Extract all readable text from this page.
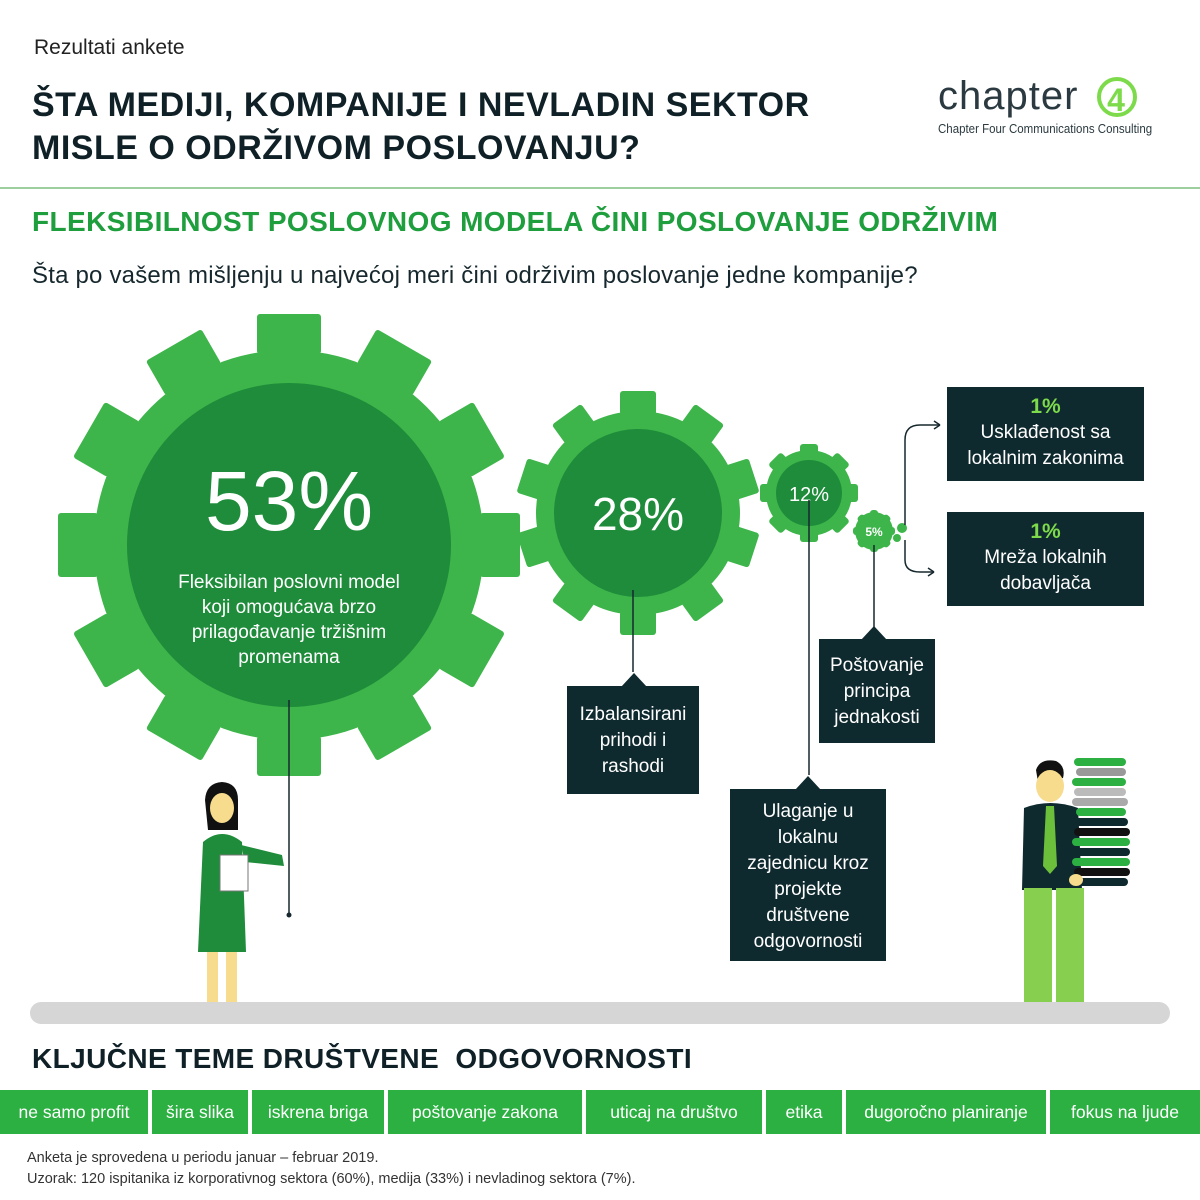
Rezultati ankete
ŠTA MEDIJI, KOMPANIJE I NEVLADIN SEKTOR
MISLE O ODRŽIVOM POSLOVANJU?
chapter 4
Chapter Four Communications Consulting
FLEKSIBILNOST POSLOVNOG MODELA ČINI POSLOVANJE ODRŽIVIM
Šta po vašem mišljenju u najvećoj meri čini održivim poslovanje jedne kompanije?
53%
Fleksibilan poslovni model
koji omogućava brzo
prilagođavanje tržišnim
promenama
28%	12%
5%
Izbalansirani
prihodi i
rashodi
Ulaganje u
lokalnu
zajednicu kroz
projekte
društvene
odgovornosti
Poštovanje
principa
jednakosti
1%
Usklađenost sa
lokalnim zakonima
1%
Mreža lokalnih
dobavljača
KLJUČNE TEME DRUŠTVENE  ODGOVORNOSTI
ne samo profit	šira slika	iskrena briga	poštovanje zakona	uticaj na društvo	etika	dugoročno planiranje	fokus na ljude
Anketa je sprovedena u periodu januar – februar 2019.
Uzorak: 120 ispitanika iz korporativnog sektora (60%), medija (33%) i nevladinog sektora (7%).
